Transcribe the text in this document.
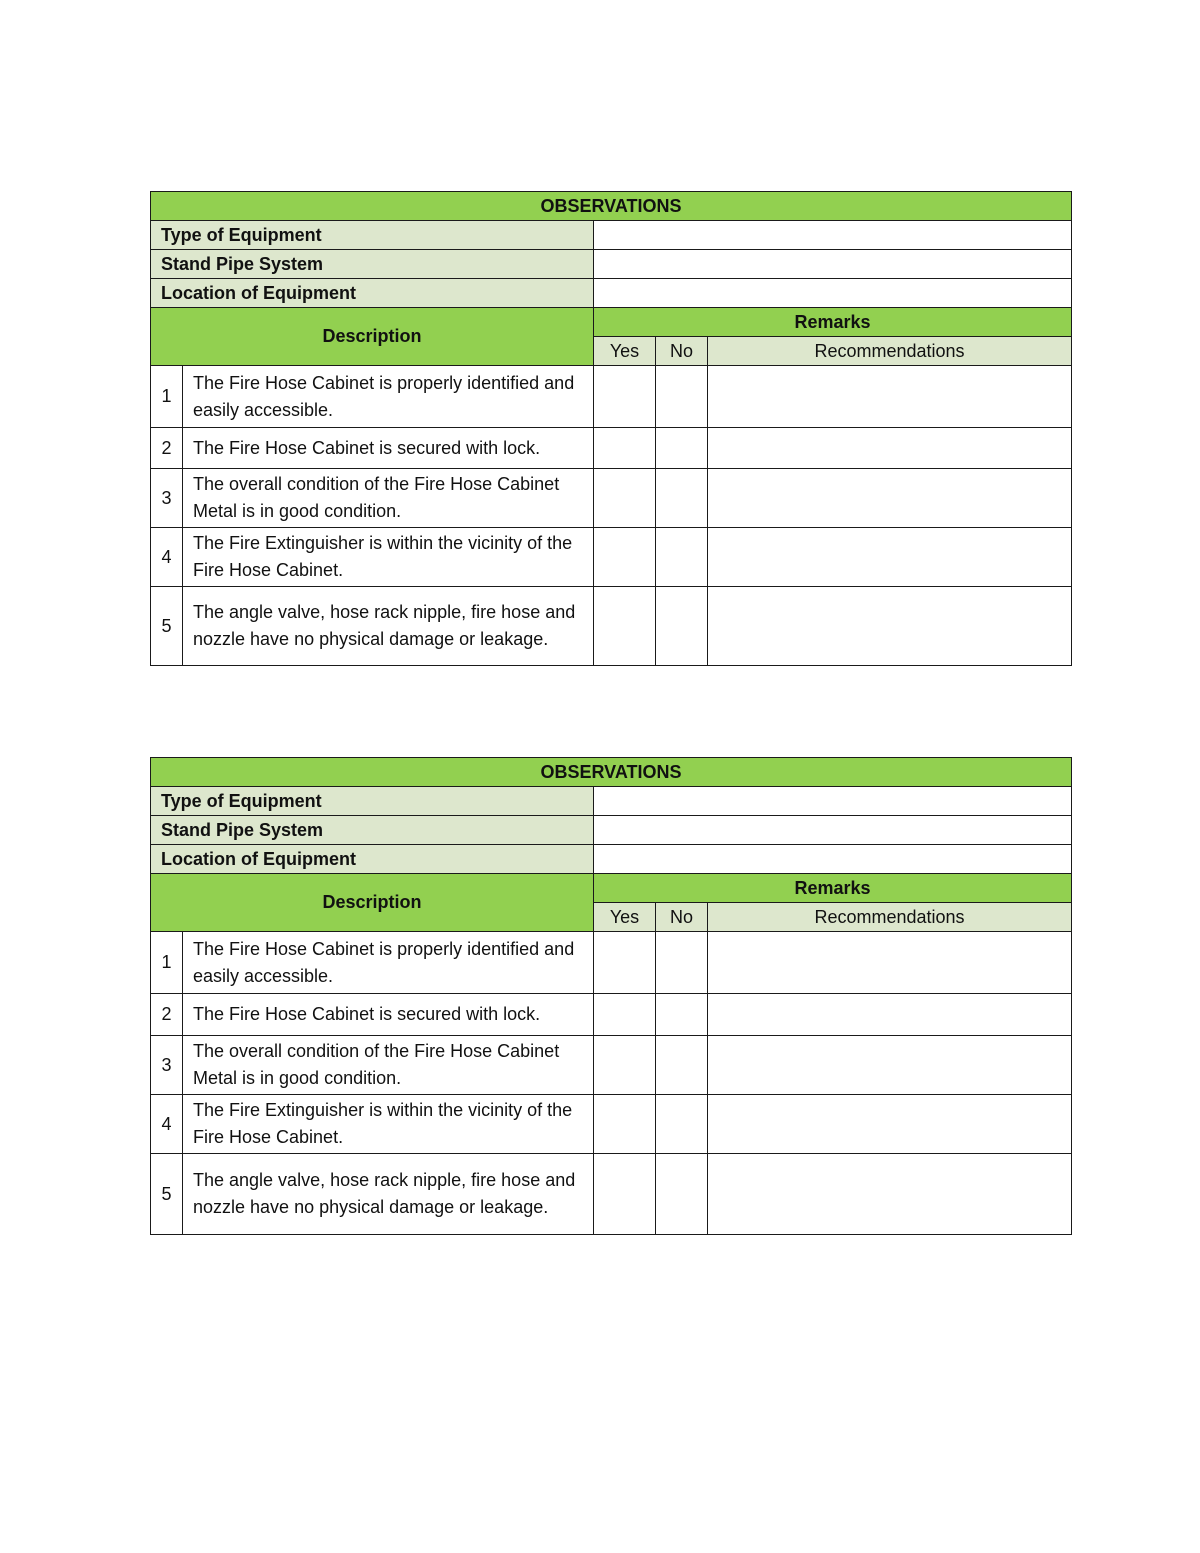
OBSERVATIONS				
Type of Equipment				
Stand Pipe System				
Location of Equipment				
Description		Remarks		
		Yes	No	Recommendations
1	The Fire Hose Cabinet is properly identified and easily accessible.			
2	The Fire Hose Cabinet is secured with lock.			
3	The overall condition of the Fire Hose Cabinet Metal is in good condition.			
4	The Fire Extinguisher is within the vicinity of the Fire Hose Cabinet.			
5	The angle valve, hose rack nipple, fire hose and nozzle have no physical damage or leakage.			
OBSERVATIONS				
Type of Equipment				
Stand Pipe System				
Location of Equipment				
Description		Remarks		
		Yes	No	Recommendations
1	The Fire Hose Cabinet is properly identified and easily accessible.			
2	The Fire Hose Cabinet is secured with lock.			
3	The overall condition of the Fire Hose Cabinet Metal is in good condition.			
4	The Fire Extinguisher is within the vicinity of the Fire Hose Cabinet.			
5	The angle valve, hose rack nipple, fire hose and nozzle have no physical damage or leakage.			
